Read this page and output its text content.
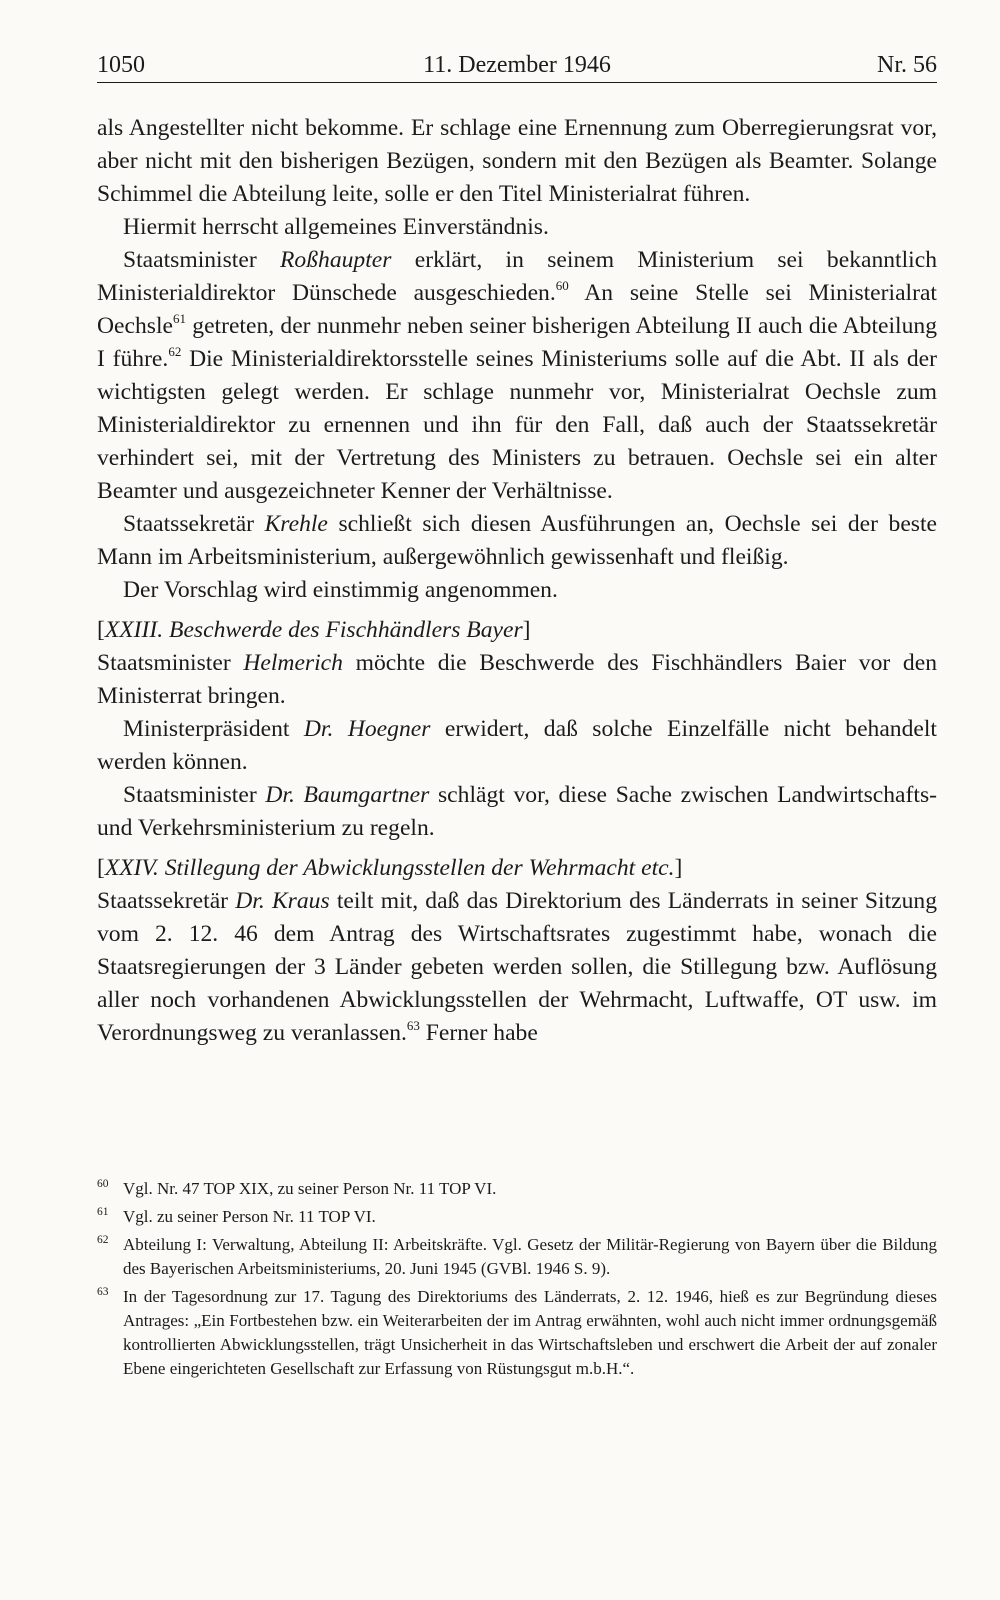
1050	11. Dezember 1946	Nr. 56

als Angestellter nicht bekomme. Er schlage eine Ernennung zum Oberregierungsrat vor, aber nicht mit den bisherigen Bezügen, sondern mit den Bezügen als Beamter. Solange Schimmel die Abteilung leite, solle er den Titel Ministerialrat führen.

Hiermit herrscht allgemeines Einverständnis.

Staatsminister Roßhaupter erklärt, in seinem Ministerium sei bekanntlich Ministerialdirektor Dünschede ausgeschieden.$^{60}$ An seine Stelle sei Ministerialrat Oechsle$^{61}$ getreten, der nunmehr neben seiner bisherigen Abteilung II auch die Abteilung I führe.$^{62}$ Die Ministerialdirektorsstelle seines Ministeriums solle auf die Abt. II als der wichtigsten gelegt werden. Er schlage nunmehr vor, Ministerialrat Oechsle zum Ministerialdirektor zu ernennen und ihn für den Fall, daß auch der Staatssekretär verhindert sei, mit der Vertretung des Ministers zu betrauen. Oechsle sei ein alter Beamter und ausgezeichneter Kenner der Verhältnisse.

Staatssekretär Krehle schließt sich diesen Ausführungen an, Oechsle sei der beste Mann im Arbeitsministerium, außergewöhnlich gewissenhaft und fleißig.

Der Vorschlag wird einstimmig angenommen.

[XXIII. Beschwerde des Fischhändlers Bayer]

Staatsminister Helmerich möchte die Beschwerde des Fischhändlers Baier vor den Ministerrat bringen.

Ministerpräsident Dr. Hoegner erwidert, daß solche Einzelfälle nicht behandelt werden können.

Staatsminister Dr. Baumgartner schlägt vor, diese Sache zwischen Landwirtschafts- und Verkehrsministerium zu regeln.

[XXIV. Stillegung der Abwicklungsstellen der Wehrmacht etc.]

Staatssekretär Dr. Kraus teilt mit, daß das Direktorium des Länderrats in seiner Sitzung vom 2. 12. 46 dem Antrag des Wirtschaftsrates zugestimmt habe, wonach die Staatsregierungen der 3 Länder gebeten werden sollen, die Stillegung bzw. Auflösung aller noch vorhandenen Abwicklungsstellen der Wehrmacht, Luftwaffe, OT usw. im Verordnungsweg zu veranlassen.$^{63}$ Ferner habe

60 Vgl. Nr. 47 TOP XIX, zu seiner Person Nr. 11 TOP VI.
61 Vgl. zu seiner Person Nr. 11 TOP VI.
62 Abteilung I: Verwaltung, Abteilung II: Arbeitskräfte. Vgl. Gesetz der Militär-Regierung von Bayern über die Bildung des Bayerischen Arbeitsministeriums, 20. Juni 1945 (GVBl. 1946 S. 9).
63 In der Tagesordnung zur 17. Tagung des Direktoriums des Länderrats, 2. 12. 1946, hieß es zur Begründung dieses Antrages: „Ein Fortbestehen bzw. ein Weiterarbeiten der im Antrag erwähnten, wohl auch nicht immer ordnungsgemäß kontrollierten Abwicklungsstellen, trägt Unsicherheit in das Wirtschaftsleben und erschwert die Arbeit der auf zonaler Ebene eingerichteten Gesellschaft zur Erfassung von Rüstungsgut m.b.H.“.
